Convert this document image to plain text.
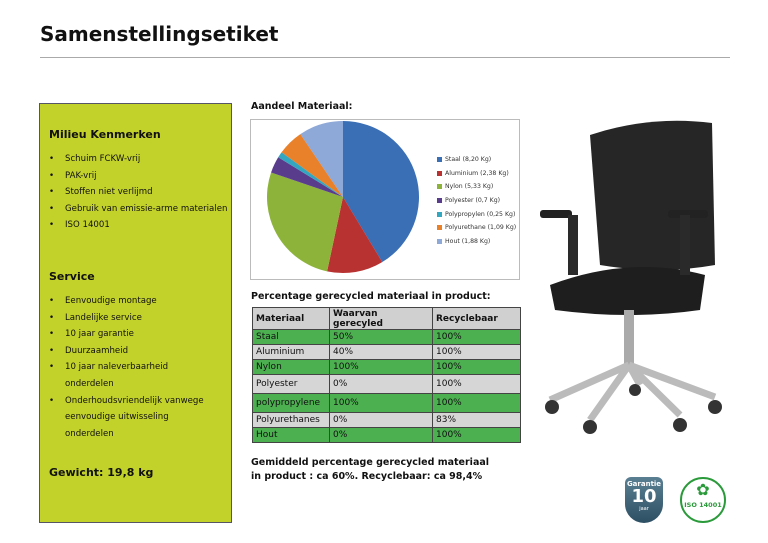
Samenstellingsetiket
Milieu Kenmerken
• Schuim FCKW-vrij
• PAK-vrij
• Stoffen niet verlijmd
• Gebruik van emissie-arme materialen
• ISO 14001
Service
• Eenvoudige montage
• Landelijke service
• 10 jaar garantie
• Duurzaamheid
• 10 jaar naleverbaarheid onderdelen
• Onderhoudsvriendelijk vanwege eenvoudige uitwisseling onderdelen
Gewicht: 19,8 kg
Aandeel Materiaal:
Staal (8,20 Kg)
Aluminium (2,38 Kg)
Nylon (5,33 Kg)
Polyester (0,7 Kg)
Polypropylen (0,25 Kg)
Polyurethane (1,09 Kg)
Hout (1,88 Kg)
Percentage gerecycled materiaal in product:
Materiaal	Waarvan gerecyled	Recyclebaar
Staal	50%	100%
Aluminium	40%	100%
Nylon	100%	100%
Polyester	0%	100%
polypropylene	100%	100%
Polyurethanes	0%	83%
Hout	0%	100%
Gemiddeld percentage gerecycled materiaal in product : ca 60%. Recyclebaar: ca 98,4%
Garantie
10
jaar
✿
ISO 14001
